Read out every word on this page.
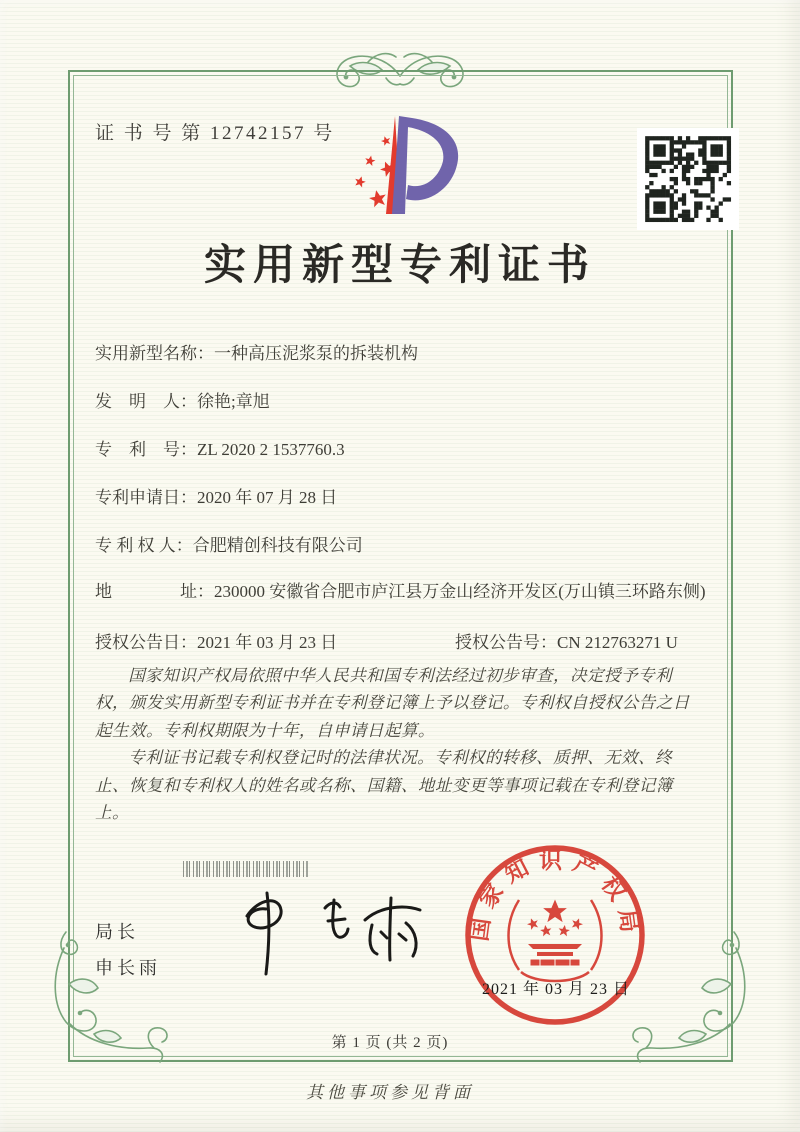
证 书 号 第 12742157 号
实用新型专利证书
实用新型名称： 一种高压泥浆泵的拆装机构
发　明　人： 徐艳;章旭
专　利　号： ZL 2020 2 1537760.3
专利申请日： 2020 年 07 月 28 日
专 利 权 人： 合肥精创科技有限公司
地　　　　址： 230000 安徽省合肥市庐江县万金山经济开发区(万山镇三环路东侧)
授权公告日： 2021 年 03 月 23 日	授权公告号： CN 212763271 U

国家知识产权局依照中华人民共和国专利法经过初步审查，决定授予专利权，颁发实用新型专利证书并在专利登记簿上予以登记。专利权自授权公告之日起生效。专利权期限为十年，自申请日起算。

专利证书记载专利权登记时的法律状况。专利权的转移、质押、无效、终止、恢复和专利权人的姓名或名称、国籍、地址变更等事项记载在专利登记簿上。

局长
申长雨
国家知识产权局
2021 年 03 月 23 日
第 1 页 (共 2 页)
其他事项参见背面
